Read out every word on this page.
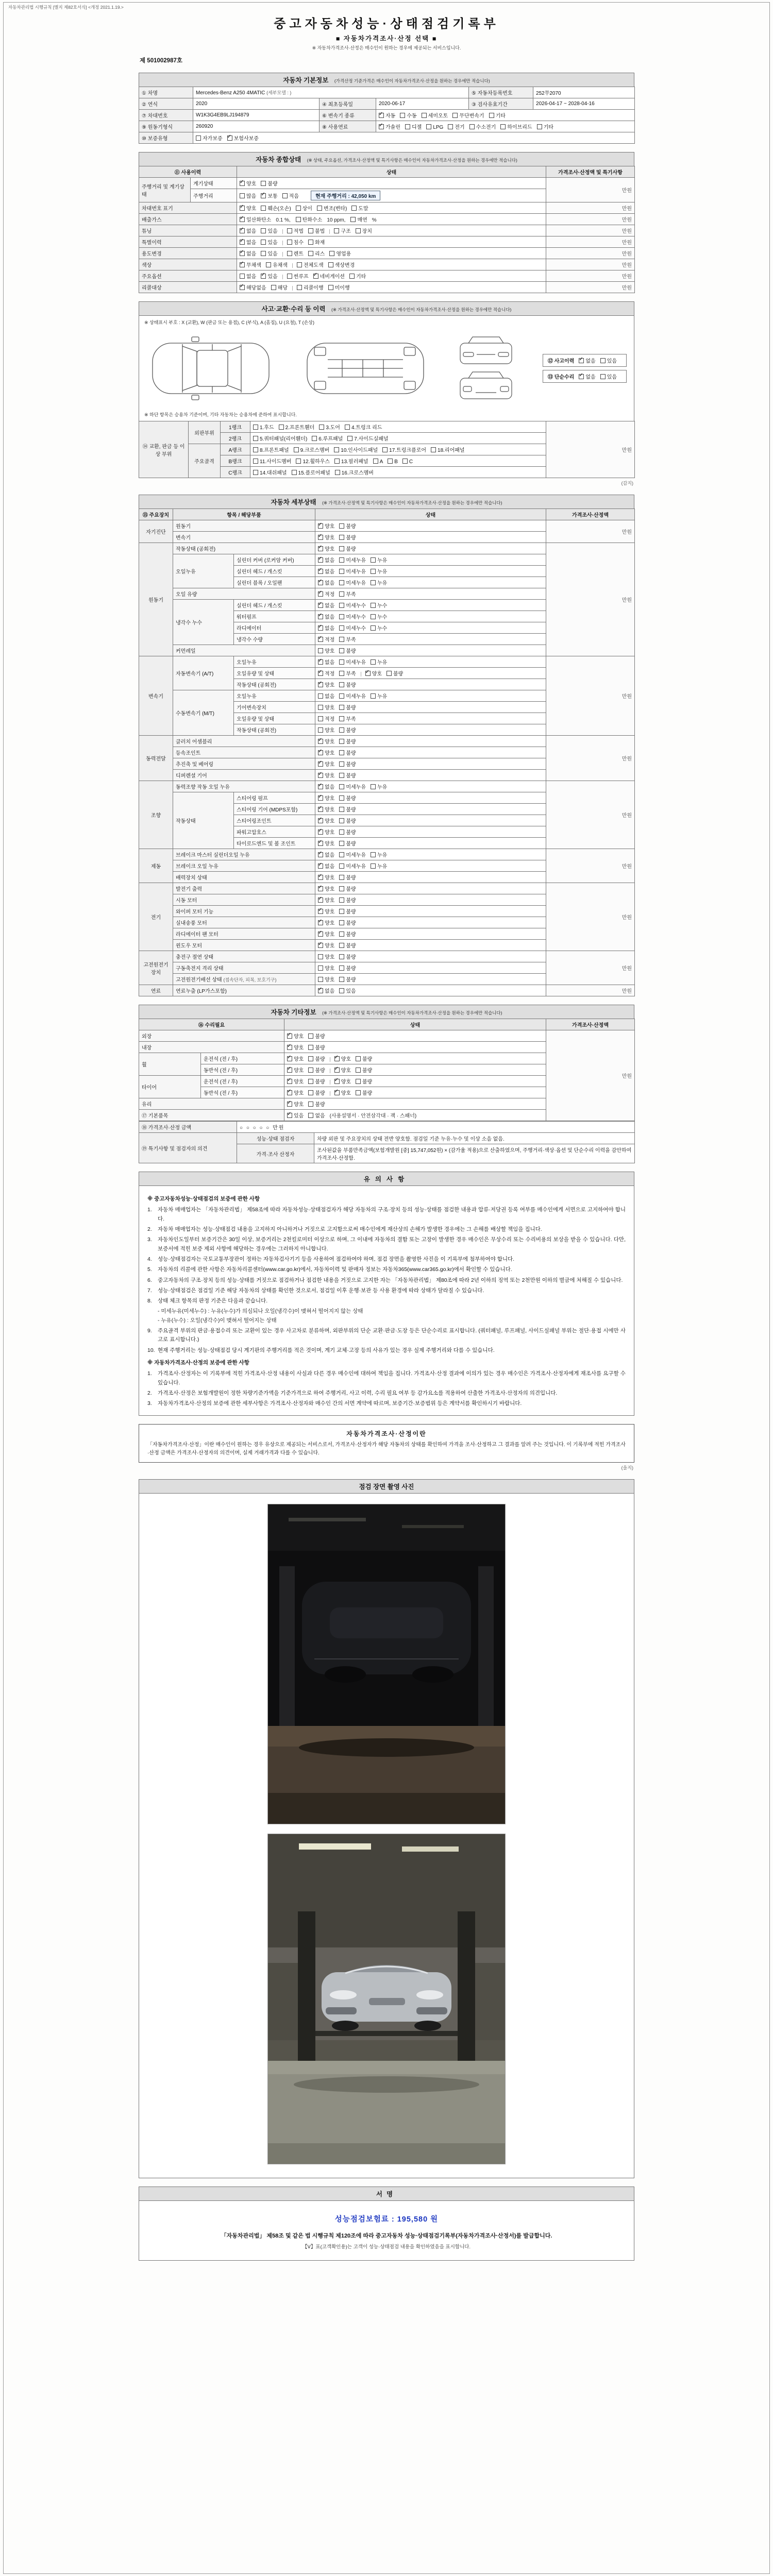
자동차관리법 시행규칙 [별지 제82호서식] <개정 2021.1.19.>
중고자동차성능·상태점검기록부
■ 자동차가격조사·산정 선택 ■
※ 자동차가격조사·산정은 매수인이 원하는 경우에 제공되는 서비스입니다.
제 501002987호
자동차 기본정보 (가격산정 기준가격은 매수인이 자동차가격조사·산정을 원하는 경우에만 적습니다)
① 차명	Mercedes-Benz A250 4MATIC (세부모델 : )			⑤ 자동차등록번호	252무2070
② 연식	2020	④ 최초등록일	2020-06-17	③ 검사유효기간	2026-04-17 ~ 2028-04-16
⑦ 차대번호	W1K3G4EB9LJ194879	⑥ 변속기 종류	✓자동 수동 세미오토 무단변속기 기타
⑨ 원동기형식	260920	⑧ 사용연료	✓가솔린 디젤 LPG 전기 수소전기 하이브리드 기타
⑩ 보증유형	자가보증 ✓ 보험사보증
자동차 종합상태 (※ 상태, 주요옵션, 가격조사·산정액 및 특기사항은 매수인이 자동차가격조사·산정을 원하는 경우에만 적습니다)
⑪ 사용이력		상태	가격조사·산정액 및 특기사항
주행거리 및 계기상태	계기상태	✓양호 불량	만원
	주행거리	많음 ✓ 보통 적음 현재 주행거리 : 42,050 km
차대번호 표기	✓양호 훼손(오손) 상이 변조(변타) 도말	만원
배출가스	✓일산화탄소 0.1 %, 탄화수소 10 ppm, 매연 %	만원
튜닝	✓없음 있음 적법 불법 구조 장치	만원
특별이력	✓없음 있음 침수 화재	만원
용도변경	✓없음 있음 렌트 리스 영업용	만원
색상	✓무채색 유채색 전체도색 색상변경	만원
주요옵션		없음 ✓ 있음 썬루프 ✓ 네비게이션 기타	만원
리콜대상	✓해당없음 해당 리콜이행 미이행	만원
사고·교환·수리 등 이력 (※ 가격조사·산정액 및 특기사항은 매수인이 자동차가격조사·산정을 원하는 경우에만 적습니다)
※ 상태표시 부호 : X (교환), W (판금 또는 용접), C (부식), A (흠집), U (요철), T (손상)
⑫ 사고이력 ✓ 없음 있음
⑬ 단순수리 ✓ 없음 있음
※ 하단 항목은 승용차 기준이며, 기타 자동차는 승용차에 준하여 표시합니다.
⑭ 교환, 판금 등 이상 부위	외판부위	1랭크	1.후드 2.프론트휀더 3.도어 4.트렁크 리드	만원
		2랭크	5.쿼터패널(리어휀더) 6.루프패널 7.사이드실패널	
	주요골격	A랭크	8.프론트패널 9.크로스멤버 10.인사이드패널 17.트렁크플로어 18.리어패널	
		B랭크	11.사이드멤버 12.휠하우스 13.필러패널 A B C	
		C랭크	14.대쉬패널 15.플로어패널 16.크로스멤버	
(갑지)
자동차 세부상태 (※ 가격조사·산정액 및 특기사항은 매수인이 자동차가격조사·산정을 원하는 경우에만 적습니다)
⑮ 주요장치	항목 / 해당부품		상태	가격조사·산정액
자기진단	원동기	✓양호 불량	만원
	변속기	✓양호 불량
원동기	작동상태 (공회전)	✓양호 불량	만원
	오일누유	실린더 커버 (로커암 커버)	✓없음 미세누유 누유
		실린더 헤드 / 개스킷	✓없음 미세누유 누유
		실린더 블록 / 오일팬	✓없음 미세누유 누유
	오일 유량	✓적정 부족
	냉각수 누수	실린더 헤드 / 개스킷	✓없음 미세누수 누수
		워터펌프	✓없음 미세누수 누수
		라디에이터	✓없음 미세누수 누수
		냉각수 수량	✓적정 부족
	커먼레일		양호 불량	
변속기	자동변속기 (A/T)	오일누유	✓없음 미세누유 누유	만원
		오일유량 및 상태	✓적정 부족 ✓ 양호 불량
		작동상태 (공회전)	✓양호 불량
	수동변속기 (M/T)	오일누유	없음 미세누유 누유	
		기어변속장치	양호 불량	
		오일유량 및 상태	적정 부족	
		작동상태 (공회전)	양호 불량	
동력전달	클러치 어셈블리	✓양호 불량	만원
	등속조인트	✓양호 불량
	추진축 및 베어링	✓양호 불량
	디퍼렌셜 기어	✓양호 불량
조향	동력조향 작동 오일 누유	✓없음 미세누유 누유	만원
	작동상태	스티어링 펌프	✓양호 불량
		스티어링 기어 (MDPS포함)	✓양호 불량
		스티어링조인트	✓양호 불량
		파워고압호스	✓양호 불량
		타이로드엔드 및 볼 조인트	✓양호 불량
제동	브레이크 마스터 실린더오일 누유	✓없음 미세누유 누유	만원
	브레이크 오일 누유	✓없음 미세누유 누유
	배력장치 상태	✓양호 불량
전기	발전기 출력	✓양호 불량	만원
	시동 모터	✓양호 불량
	와이퍼 모터 기능	✓양호 불량
	실내송풍 모터	✓양호 불량
	라디에이터 팬 모터	✓양호 불량
	윈도우 모터	✓양호 불량
고전원전기장치	충전구 절연 상태		양호 불량	만원
	구동축전지 격리 상태		양호 불량	
	고전원전기배선 상태 (접속단자, 피복, 보호기구)		양호 불량	
연료	연료누출 (LP가스포함)	✓없음 있음	만원
자동차 기타정보 (※ 가격조사·산정액 및 특기사항은 매수인이 자동차가격조사·산정을 원하는 경우에만 적습니다)
⑯ 수리필요		상태	가격조사·산정액
외장	✓양호 불량	만원
내장	✓양호 불량
휠	운전석 (전 / 후)	✓양호 불량 ✓ 양호 불량
	동반석 (전 / 후)	✓양호 불량 ✓ 양호 불량
타이어	운전석 (전 / 후)	✓양호 불량 ✓ 양호 불량
	동반석 (전 / 후)	✓양호 불량 ✓ 양호 불량
유리	✓양호 불량
⑰ 기본품목	✓있음 없음 (사용설명서 · 안전삼각대 · 잭 · 스패너)
⑱ 가격조사·산정 금액	○ ○ ○ ○ ○ 만원	
⑲ 특기사항 및 점검자의 의견	성능·상태 점검자	차량 외판 및 주요장치의 상태 전반 양호함. 점검일 기준 누유·누수 및 이상 소음 없음.
	가격·조사 산정자	조사된값을 부품만족금액(보험개발원 [중] 15,747,052원) × (감가율 적용)으로 산출하였으며, 주행거리·색상·옵션 및 단순수리 이력을 감안하여 가격조사·산정함.
유의사항
※ 중고자동차성능·상태점검의 보증에 관한 사항
1.	자동차 매매업자는 「자동차관리법」 제58조에 따라 자동차성능·상태점검자가 해당 자동차의 구조·장치 등의 성능·상태를 점검한 내용과 압류·저당권 등록 여부를 매수인에게 서면으로 고지하여야 합니다.
2.	자동차 매매업자는 성능·상태점검 내용을 고지하지 아니하거나 거짓으로 고지함으로써 매수인에게 재산상의 손해가 발생한 경우에는 그 손해를 배상할 책임을 집니다.
3.	자동차인도일부터 보증기간은 30일 이상, 보증거리는 2천킬로미터 이상으로 하며, 그 이내에 자동차의 결함 또는 고장이 발생한 경우 매수인은 무상수리 또는 수리비용의 보상을 받을 수 있습니다. 다만, 보증서에 적힌 보증 제외 사항에 해당하는 경우에는 그러하지 아니합니다.
4.	성능·상태점검자는 국토교통부장관이 정하는 자동차검사기기 등을 사용하여 점검하여야 하며, 점검 장면을 촬영한 사진을 이 기록부에 첨부하여야 합니다.
5.	자동차의 리콜에 관한 사항은 자동차리콜센터(www.car.go.kr)에서, 자동차이력 및 판매자 정보는 자동차365(www.car365.go.kr)에서 확인할 수 있습니다.
6.	중고자동차의 구조·장치 등의 성능·상태를 거짓으로 점검하거나 점검한 내용을 거짓으로 고지한 자는 「자동차관리법」 제80조에 따라 2년 이하의 징역 또는 2천만원 이하의 벌금에 처해질 수 있습니다.
7.	성능·상태점검은 점검일 기준 해당 자동차의 상태를 확인한 것으로서, 점검일 이후 운행·보관 등 사용 환경에 따라 상태가 달라질 수 있습니다.
8.	상태 체크 항목의 판정 기준은 다음과 같습니다.
- 미세누유(미세누수) : 누유(누수)가 의심되나 오일(냉각수)이 맺혀서 떨어지지 않는 상태
- 누유(누수) : 오일(냉각수)이 맺혀서 떨어지는 상태
9.	주요골격 부위의 판금·용접수리 또는 교환이 있는 경우 사고차로 분류하며, 외판부위의 단순 교환·판금·도장 등은 단순수리로 표시합니다. (쿼터패널, 루프패널, 사이드실패널 부위는 절단·용접 시에만 사고로 표시합니다.)
10. 현재 주행거리는 성능·상태점검 당시 계기판의 주행거리를 적은 것이며, 계기 교체·고장 등의 사유가 있는 경우 실제 주행거리와 다를 수 있습니다.
※ 자동차가격조사·산정의 보증에 관한 사항
1.	가격조사·산정자는 이 기록부에 적힌 가격조사·산정 내용이 사실과 다른 경우 매수인에 대하여 책임을 집니다. 가격조사·산정 결과에 이의가 있는 경우 매수인은 가격조사·산정자에게 재조사를 요구할 수 있습니다.
2.	가격조사·산정은 보험개발원이 정한 차량기준가액을 기준가격으로 하여 주행거리, 사고 이력, 수리 필요 여부 등 감가요소를 적용하여 산출한 가격조사·산정자의 의견입니다.
3.	자동차가격조사·산정의 보증에 관한 세부사항은 가격조사·산정자와 매수인 간의 서면 계약에 따르며, 보증기간·보증범위 등은 계약서를 확인하시기 바랍니다.
자동차가격조사·산정이란
「자동차가격조사·산정」이란 매수인이 원하는 경우 유상으로 제공되는 서비스로서, 가격조사·산정자가 해당 자동차의 상태를 확인하여 가격을 조사·산정하고 그 결과를 알려 주는 것입니다. 이 기록부에 적힌 가격조사·산정 금액은 가격조사·산정자의 의견이며, 실제 거래가격과 다를 수 있습니다.
(을지)
점검 장면 촬영 사진
서명
성능점검보험료 : 195,580 원
「자동차관리법」 제58조 및 같은 법 시행규칙 제120조에 따라 중고자동차 성능·상태점검기록부(자동차가격조사·산정서)를 발급합니다.
【Ⅴ】표(고객확인용)는 고객이 성능·상태점검 내용을 확인하였음을 표시합니다.
